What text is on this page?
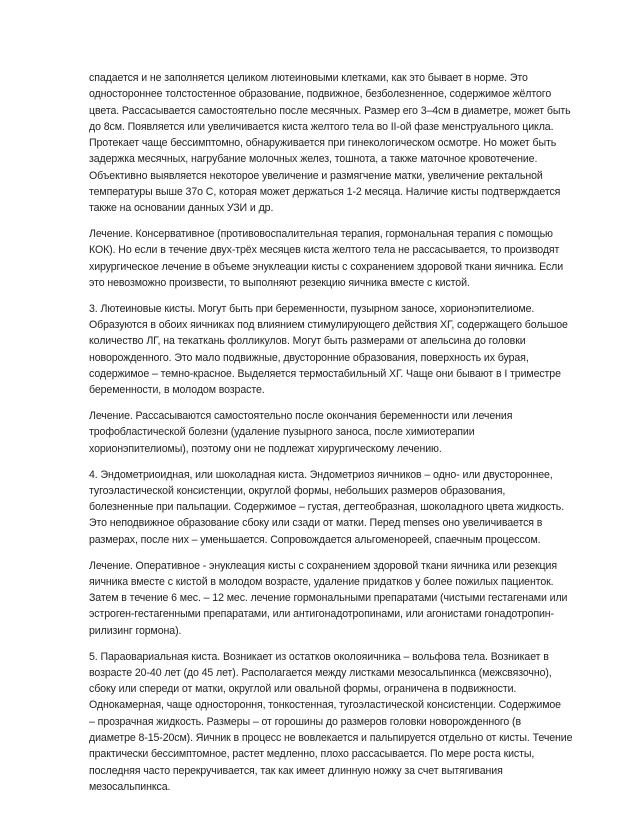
спадается и не заполняется целиком лютеиновыми клетками, как это бывает в норме. Это
одностороннее толстостенное образование, подвижное, безболезненное, содержимое жёлтого
цвета. Рассасывается самостоятельно после месячных. Размер его 3–4см в диаметре, может быть
до 8см. Появляется или увеличивается киста желтого тела во II-ой фазе менструального цикла.
Протекает чаще бессимптомно, обнаруживается при гинекологическом осмотре. Но может быть
задержка месячных, нагрубание молочных желез, тошнота, а также маточное кровотечение.
Объективно выявляется некоторое увеличение и размягчение матки, увеличение ректальной
температуры выше 37о С, которая может держаться 1-2 месяца. Наличие кисты подтверждается
также на основании данных УЗИ и др.
Лечение. Консервативное (противовоспалительная терапия, гормональная терапия с помощью
КОК). Но если в течение двух-трёх месяцев киста желтого тела не рассасывается, то производят
хирургическое лечение в объеме энуклеации кисты с сохранением здоровой ткани яичника. Если
это невозможно произвести, то выполняют резекцию яичника вместе с кистой.
3. Лютеиновые кисты. Могут быть при беременности, пузырном заносе, хорионэпителиоме.
Образуются в обоих яичниках под влиянием стимулирующего действия ХГ, содержащего большое
количество ЛГ, на текаткань фолликулов. Могут быть размерами от апельсина до головки
новорожденного. Это мало подвижные, двусторонние образования, поверхность их бурая,
содержимое – темно-красное. Выделяется термостабильный ХГ. Чаще они бывают в I триместре
беременности, в молодом возрасте.
Лечение. Рассасываются самостоятельно после окончания беременности или лечения
трофобластической болезни (удаление пузырного заноса, после химиотерапии
хорионэпителиомы), поэтому они не подлежат хирургическому лечению.
4. Эндометриоидная, или шоколадная киста. Эндометриоз яичников – одно- или двустороннее,
тугоэластической консистенции, округлой формы, небольших размеров образования,
болезненные при пальпации. Содержимое – густая, дегтеобразная, шоколадного цвета жидкость.
Это неподвижное образование сбоку или сзади от матки. Перед menses оно увеличивается в
размерах, после них – уменьшается. Сопровождается альгоменореей, спаечным процессом.
Лечение. Оперативное - энуклеация кисты с сохранением здоровой ткани яичника или резекция
яичника вместе с кистой в молодом возрасте, удаление придатков у более пожилых пациенток.
Затем в течение 6 мес. – 12 мес. лечение гормональными препаратами (чистыми гестагенами или
эстроген-гестагенными препаратами, или антигонадотропинами, или агонистами гонадотропин-
рилизинг гормона).
5. Параовариальная киста. Возникает из остатков околояичника – вольфова тела. Возникает в
возрасте 20-40 лет (до 45 лет). Располагается между листками мезосальпинкса (межсвязочно),
сбоку или спереди от матки, округлой или овальной формы, ограничена в подвижности.
Однокамерная, чаще одностороння, тонкостенная, тугоэластической консистенции. Содержимое
– прозрачная жидкость. Размеры – от горошины до размеров головки новорожденного (в
диаметре 8-15-20см). Яичник в процесс не вовлекается и пальпируется отдельно от кисты. Течение
практически бессимптомное, растет медленно, плохо рассасывается. По мере роста кисты,
последняя часто перекручивается, так как имеет длинную ножку за счет вытягивания
мезосальпинкса.
